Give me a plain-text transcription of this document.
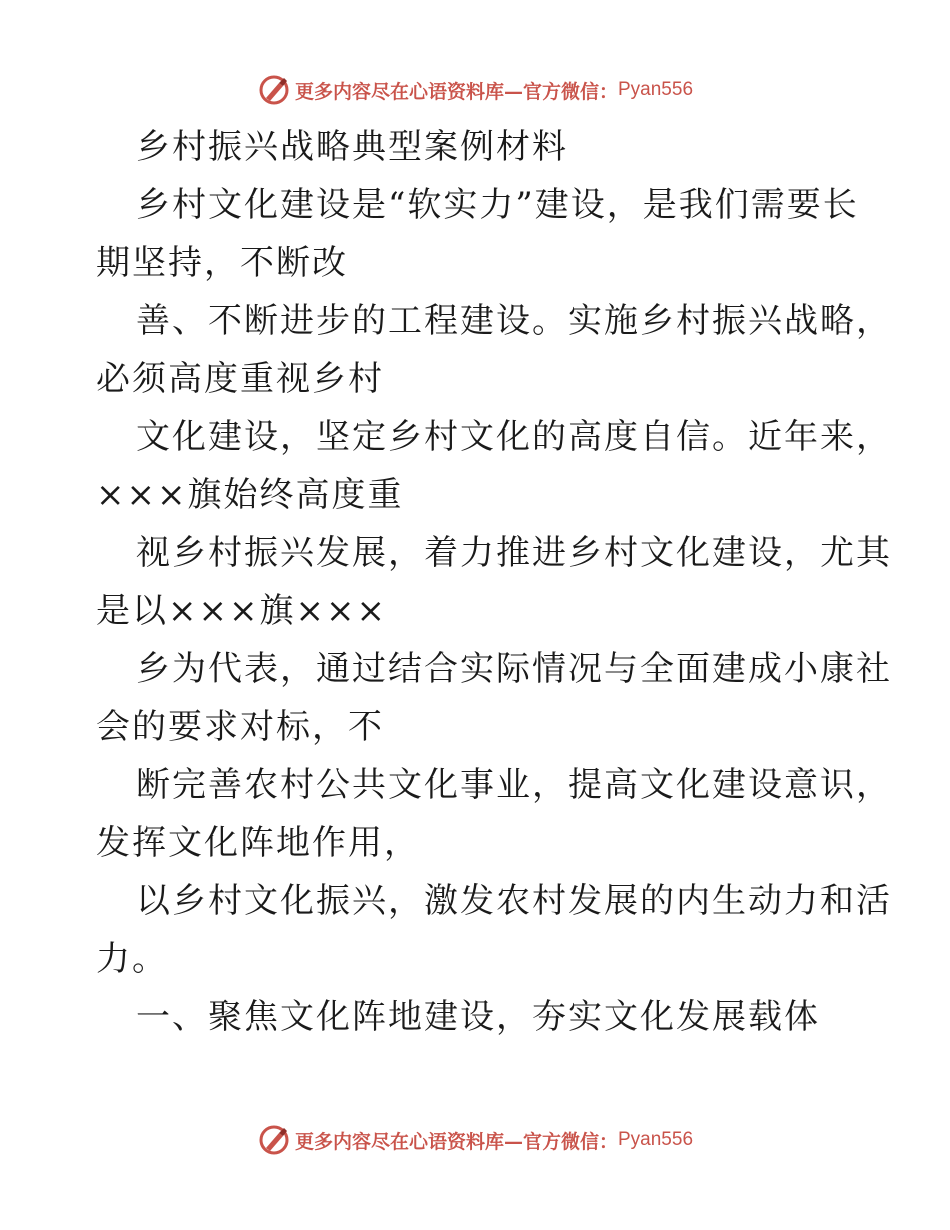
更多内容尽在心语资料库—官方微信： Pyan556
乡村振兴战略典型案例材料
乡村文化建设是“软实力”建设，是我们需要长
期坚持，不断改
善、不断进步的工程建设。实施乡村振兴战略，
必须高度重视乡村
文化建设，坚定乡村文化的高度自信。近年来，
×××旗始终高度重
视乡村振兴发展，着力推进乡村文化建设，尤其
是以×××旗×××
乡为代表，通过结合实际情况与全面建成小康社
会的要求对标，不
断完善农村公共文化事业，提高文化建设意识，
发挥文化阵地作用，
以乡村文化振兴，激发农村发展的内生动力和活
力。
一、聚焦文化阵地建设，夯实文化发展载体
更多内容尽在心语资料库—官方微信： Pyan556
